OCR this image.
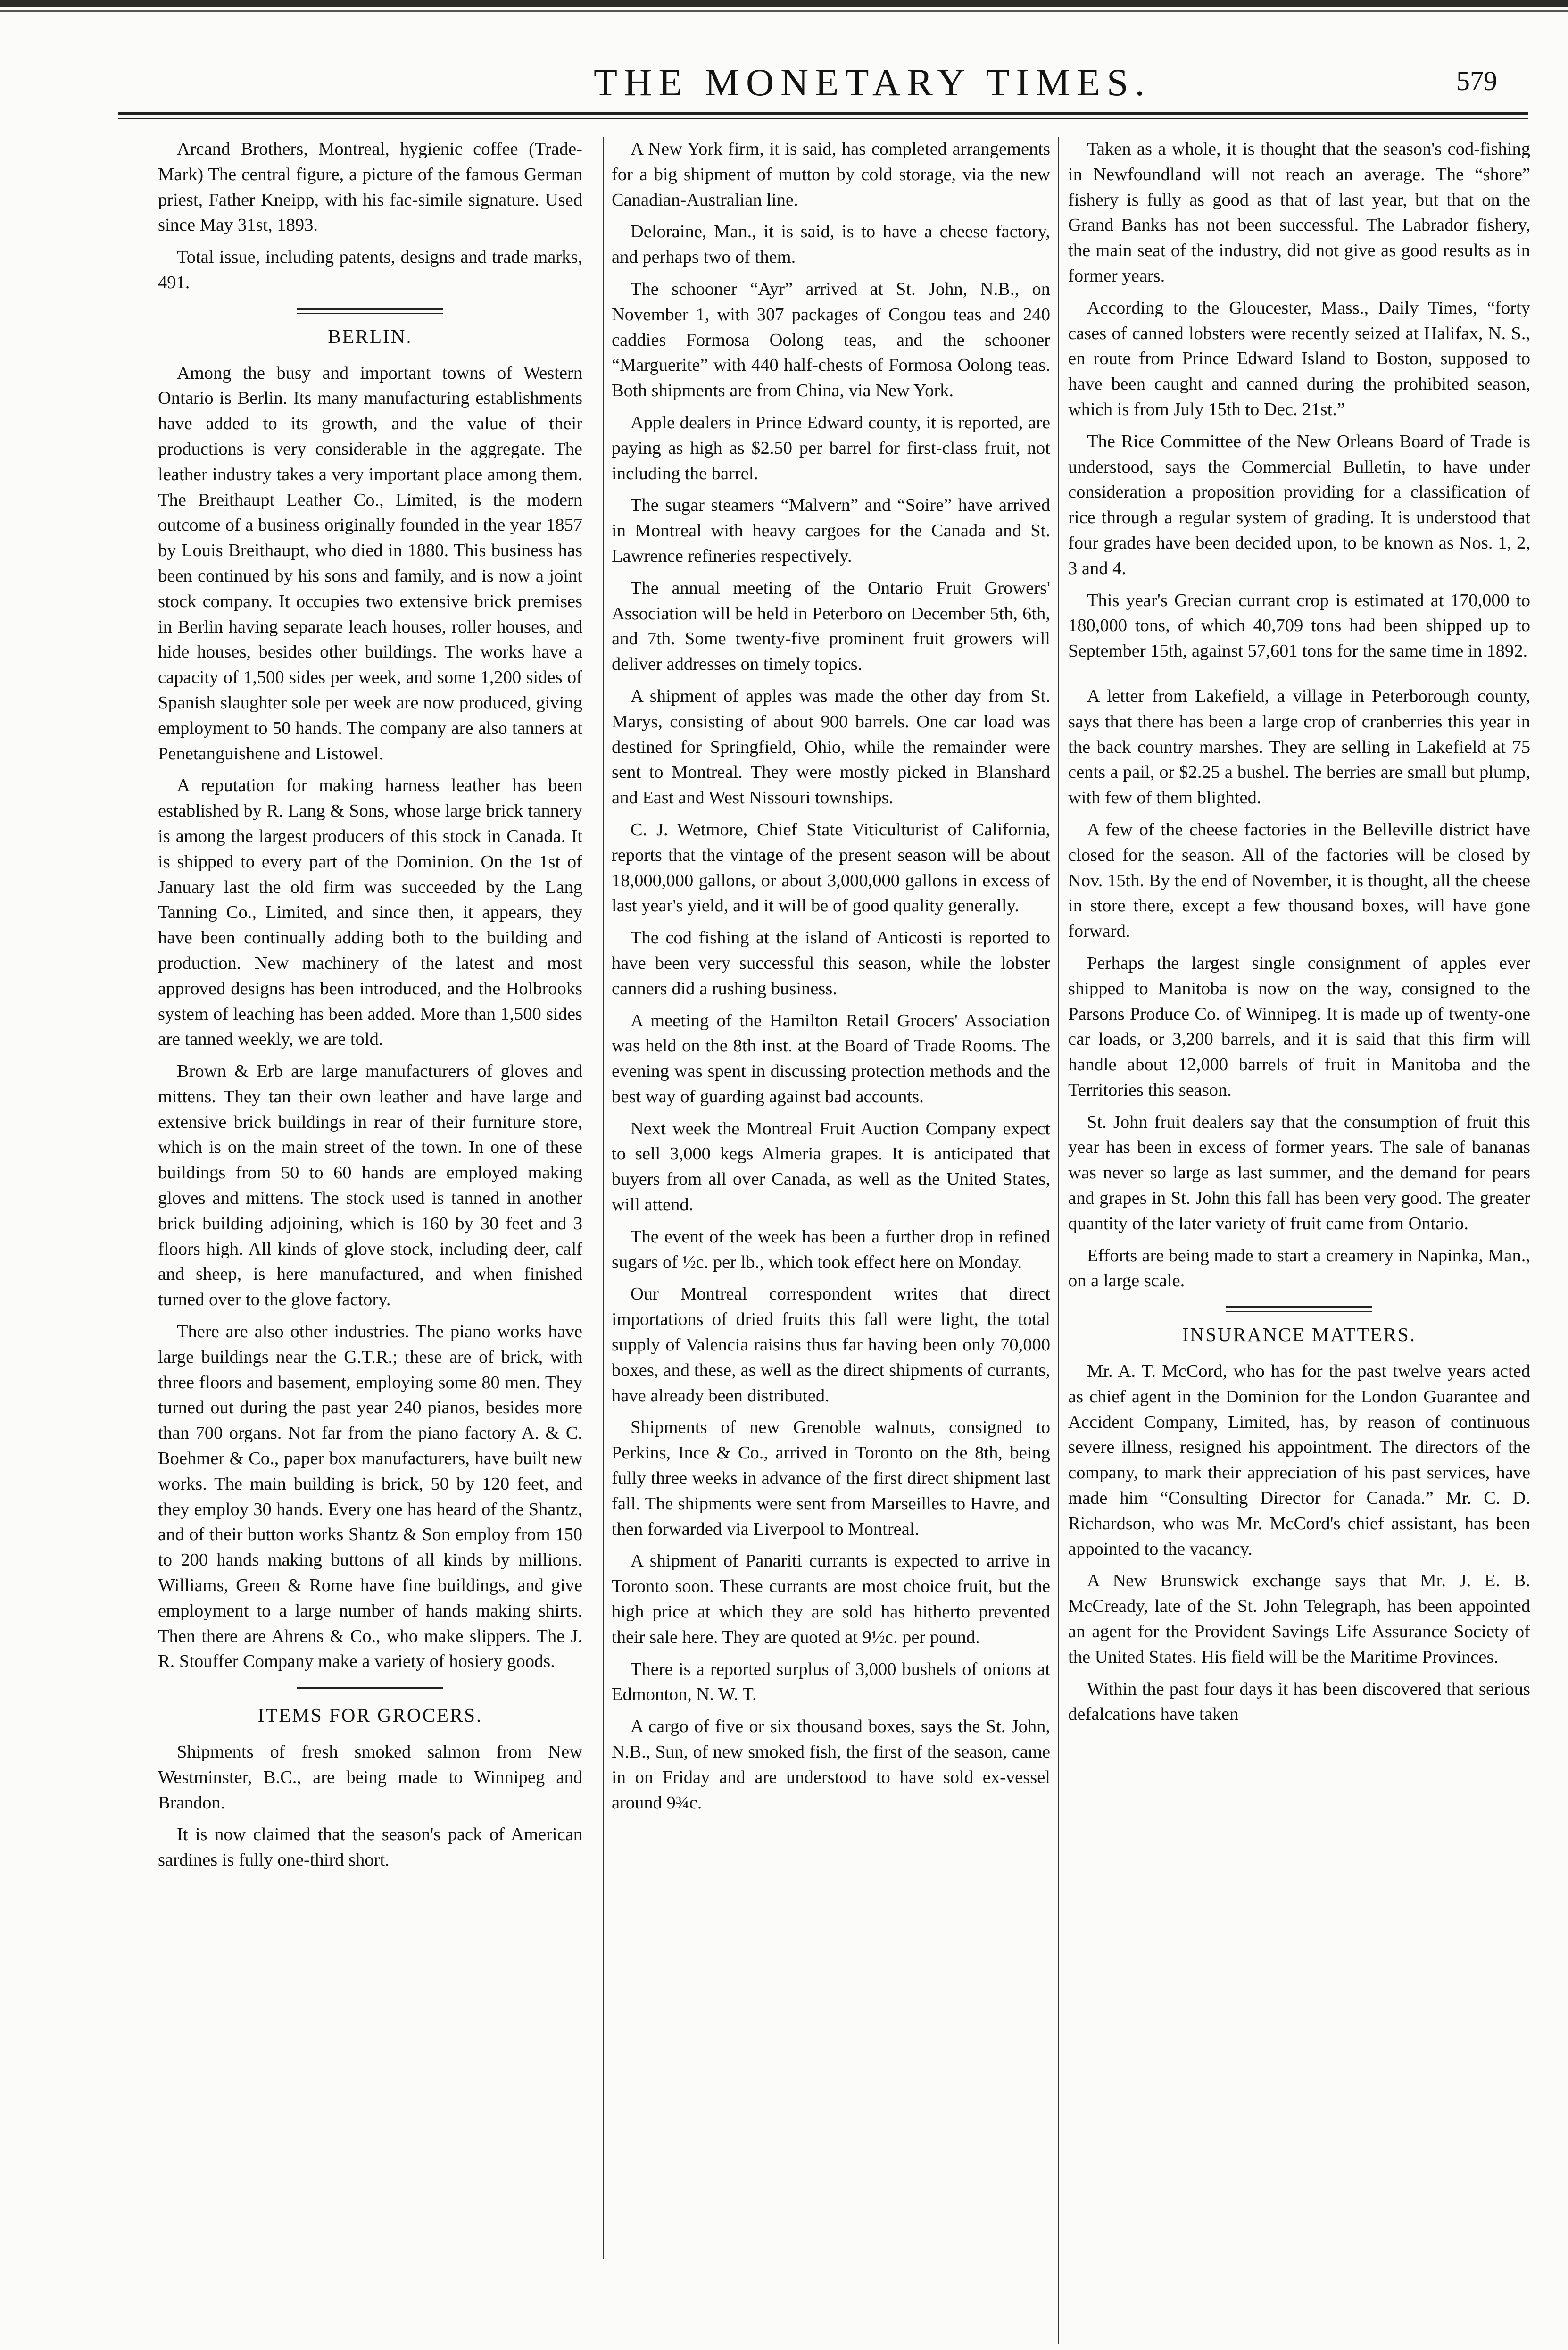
THE MONETARY TIMES.	579

Arcand Brothers, Montreal, hygienic coffee (Trade-Mark) The central figure, a picture of the famous German priest, Father Kneipp, with his fac-simile signature. Used since May 31st, 1893.

Total issue, including patents, designs and trade marks, 491.

BERLIN.

Among the busy and important towns of Western Ontario is Berlin. Its many manufacturing establishments have added to its growth, and the value of their productions is very considerable in the aggregate. The leather industry takes a very important place among them. The Breithaupt Leather Co., Limited, is the modern outcome of a business originally founded in the year 1857 by Louis Breithaupt, who died in 1880. This business has been continued by his sons and family, and is now a joint stock company. It occupies two extensive brick premises in Berlin having separate leach houses, roller houses, and hide houses, besides other buildings. The works have a capacity of 1,500 sides per week, and some 1,200 sides of Spanish slaughter sole per week are now produced, giving employment to 50 hands. The company are also tanners at Penetanguishene and Listowel.

A reputation for making harness leather has been established by R. Lang & Sons, whose large brick tannery is among the largest producers of this stock in Canada. It is shipped to every part of the Dominion. On the 1st of January last the old firm was succeeded by the Lang Tanning Co., Limited, and since then, it appears, they have been continually adding both to the building and production. New machinery of the latest and most approved designs has been introduced, and the Holbrooks system of leaching has been added. More than 1,500 sides are tanned weekly, we are told.

Brown & Erb are large manufacturers of gloves and mittens. They tan their own leather and have large and extensive brick buildings in rear of their furniture store, which is on the main street of the town. In one of these buildings from 50 to 60 hands are employed making gloves and mittens. The stock used is tanned in another brick building adjoining, which is 160 by 30 feet and 3 floors high. All kinds of glove stock, including deer, calf and sheep, is here manufactured, and when finished turned over to the glove factory.

There are also other industries. The piano works have large buildings near the G.T.R.; these are of brick, with three floors and basement, employing some 80 men. They turned out during the past year 240 pianos, besides more than 700 organs. Not far from the piano factory A. & C. Boehmer & Co., paper box manufacturers, have built new works. The main building is brick, 50 by 120 feet, and they employ 30 hands. Every one has heard of the Shantz, and of their button works Shantz & Son employ from 150 to 200 hands making buttons of all kinds by millions. Williams, Green & Rome have fine buildings, and give employment to a large number of hands making shirts. Then there are Ahrens & Co., who make slippers. The J. R. Stouffer Company make a variety of hosiery goods.

ITEMS FOR GROCERS.

Shipments of fresh smoked salmon from New Westminster, B.C., are being made to Winnipeg and Brandon.

It is now claimed that the season's pack of American sardines is fully one-third short.

A New York firm, it is said, has completed arrangements for a big shipment of mutton by cold storage, via the new Canadian-Australian line.

Deloraine, Man., it is said, is to have a cheese factory, and perhaps two of them.

The schooner “Ayr” arrived at St. John, N.B., on November 1, with 307 packages of Congou teas and 240 caddies Formosa Oolong teas, and the schooner “Marguerite” with 440 half-chests of Formosa Oolong teas. Both shipments are from China, via New York.

Apple dealers in Prince Edward county, it is reported, are paying as high as $2.50 per barrel for first-class fruit, not including the barrel.

The sugar steamers “Malvern” and “Soire” have arrived in Montreal with heavy cargoes for the Canada and St. Lawrence refineries respectively.

The annual meeting of the Ontario Fruit Growers' Association will be held in Peterboro on December 5th, 6th, and 7th. Some twenty-five prominent fruit growers will deliver addresses on timely topics.

A shipment of apples was made the other day from St. Marys, consisting of about 900 barrels. One car load was destined for Springfield, Ohio, while the remainder were sent to Montreal. They were mostly picked in Blanshard and East and West Nissouri townships.

C. J. Wetmore, Chief State Viticulturist of California, reports that the vintage of the present season will be about 18,000,000 gallons, or about 3,000,000 gallons in excess of last year's yield, and it will be of good quality generally.

The cod fishing at the island of Anticosti is reported to have been very successful this season, while the lobster canners did a rushing business.

A meeting of the Hamilton Retail Grocers' Association was held on the 8th inst. at the Board of Trade Rooms. The evening was spent in discussing protection methods and the best way of guarding against bad accounts.

Next week the Montreal Fruit Auction Company expect to sell 3,000 kegs Almeria grapes. It is anticipated that buyers from all over Canada, as well as the United States, will attend.

The event of the week has been a further drop in refined sugars of ½c. per lb., which took effect here on Monday.

Our Montreal correspondent writes that direct importations of dried fruits this fall were light, the total supply of Valencia raisins thus far having been only 70,000 boxes, and these, as well as the direct shipments of currants, have already been distributed.

Shipments of new Grenoble walnuts, consigned to Perkins, Ince & Co., arrived in Toronto on the 8th, being fully three weeks in advance of the first direct shipment last fall. The shipments were sent from Marseilles to Havre, and then forwarded via Liverpool to Montreal.

A shipment of Panariti currants is expected to arrive in Toronto soon. These currants are most choice fruit, but the high price at which they are sold has hitherto prevented their sale here. They are quoted at 9½c. per pound.

There is a reported surplus of 3,000 bushels of onions at Edmonton, N. W. T.

A cargo of five or six thousand boxes, says the St. John, N.B., Sun, of new smoked fish, the first of the season, came in on Friday and are understood to have sold ex-vessel around 9¾c.

Taken as a whole, it is thought that the season's cod-fishing in Newfoundland will not reach an average. The “shore” fishery is fully as good as that of last year, but that on the Grand Banks has not been successful. The Labrador fishery, the main seat of the industry, did not give as good results as in former years.

According to the Gloucester, Mass., Daily Times, “forty cases of canned lobsters were recently seized at Halifax, N. S., en route from Prince Edward Island to Boston, supposed to have been caught and canned during the prohibited season, which is from July 15th to Dec. 21st.”

The Rice Committee of the New Orleans Board of Trade is understood, says the Commercial Bulletin, to have under consideration a proposition providing for a classification of rice through a regular system of grading. It is understood that four grades have been decided upon, to be known as Nos. 1, 2, 3 and 4.

This year's Grecian currant crop is estimated at 170,000 to 180,000 tons, of which 40,709 tons had been shipped up to September 15th, against 57,601 tons for the same time in 1892.

A letter from Lakefield, a village in Peterborough county, says that there has been a large crop of cranberries this year in the back country marshes. They are selling in Lakefield at 75 cents a pail, or $2.25 a bushel. The berries are small but plump, with few of them blighted.

A few of the cheese factories in the Belleville district have closed for the season. All of the factories will be closed by Nov. 15th. By the end of November, it is thought, all the cheese in store there, except a few thousand boxes, will have gone forward.

Perhaps the largest single consignment of apples ever shipped to Manitoba is now on the way, consigned to the Parsons Produce Co. of Winnipeg. It is made up of twenty-one car loads, or 3,200 barrels, and it is said that this firm will handle about 12,000 barrels of fruit in Manitoba and the Territories this season.

St. John fruit dealers say that the consumption of fruit this year has been in excess of former years. The sale of bananas was never so large as last summer, and the demand for pears and grapes in St. John this fall has been very good. The greater quantity of the later variety of fruit came from Ontario.

Efforts are being made to start a creamery in Napinka, Man., on a large scale.

INSURANCE MATTERS.

Mr. A. T. McCord, who has for the past twelve years acted as chief agent in the Dominion for the London Guarantee and Accident Company, Limited, has, by reason of continuous severe illness, resigned his appointment. The directors of the company, to mark their appreciation of his past services, have made him “Consulting Director for Canada.” Mr. C. D. Richardson, who was Mr. McCord's chief assistant, has been appointed to the vacancy.

A New Brunswick exchange says that Mr. J. E. B. McCready, late of the St. John Telegraph, has been appointed an agent for the Provident Savings Life Assurance Society of the United States. His field will be the Maritime Provinces.

Within the past four days it has been discovered that serious defalcations have taken
